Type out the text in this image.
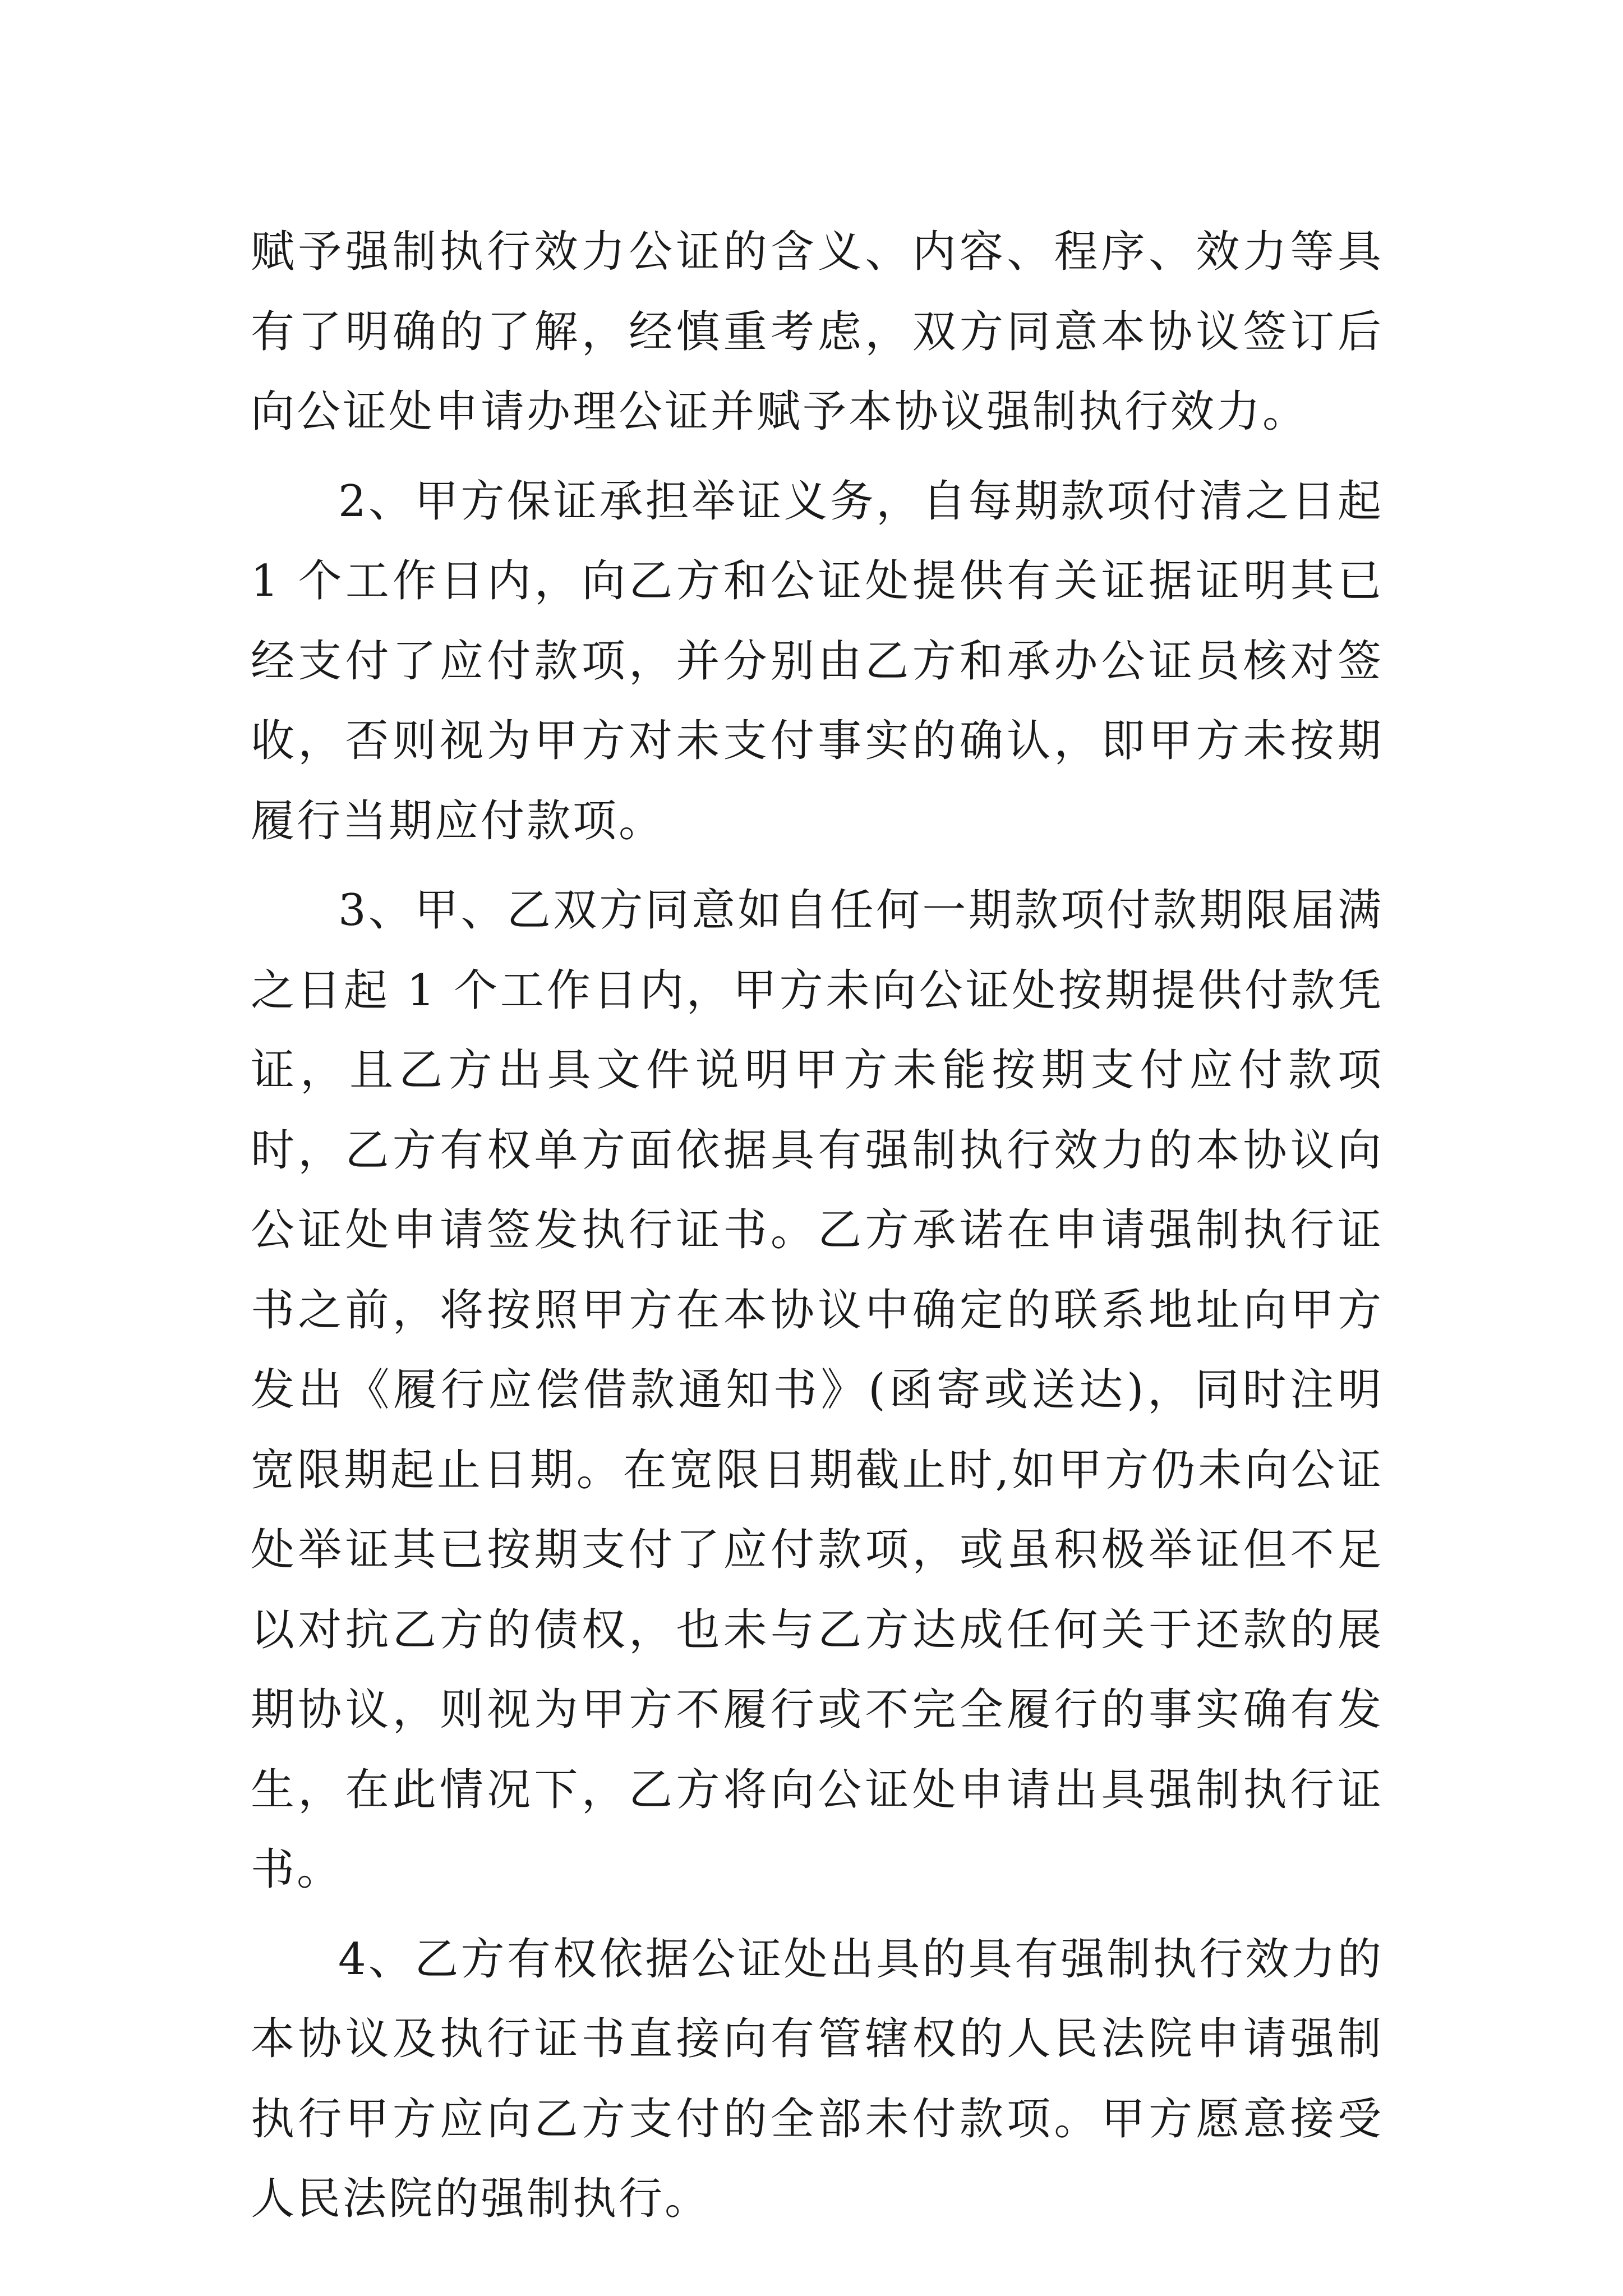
赋予强制执行效力公证的含义、内容、程序、效力等具有了明确的了解，经慎重考虑，双方同意本协议签订后向公证处申请办理公证并赋予本协议强制执行效力。

2、甲方保证承担举证义务，自每期款项付清之日起 1 个工作日内，向乙方和公证处提供有关证据证明其已经支付了应付款项，并分别由乙方和承办公证员核对签收，否则视为甲方对未支付事实的确认，即甲方未按期履行当期应付款项。

3、甲、乙双方同意如自任何一期款项付款期限届满之日起 1 个工作日内，甲方未向公证处按期提供付款凭证，且乙方出具文件说明甲方未能按期支付应付款项时，乙方有权单方面依据具有强制执行效力的本协议向公证处申请签发执行证书。乙方承诺在申请强制执行证书之前，将按照甲方在本协议中确定的联系地址向甲方发出《履行应偿借款通知书》(函寄或送达)，同时注明宽限期起止日期。在宽限日期截止时,如甲方仍未向公证处举证其已按期支付了应付款项，或虽积极举证但不足以对抗乙方的债权，也未与乙方达成任何关于还款的展期协议，则视为甲方不履行或不完全履行的事实确有发生，在此情况下，乙方将向公证处申请出具强制执行证书。

4、乙方有权依据公证处出具的具有强制执行效力的本协议及执行证书直接向有管辖权的人民法院申请强制执行甲方应向乙方支付的全部未付款项。甲方愿意接受人民法院的强制执行。
